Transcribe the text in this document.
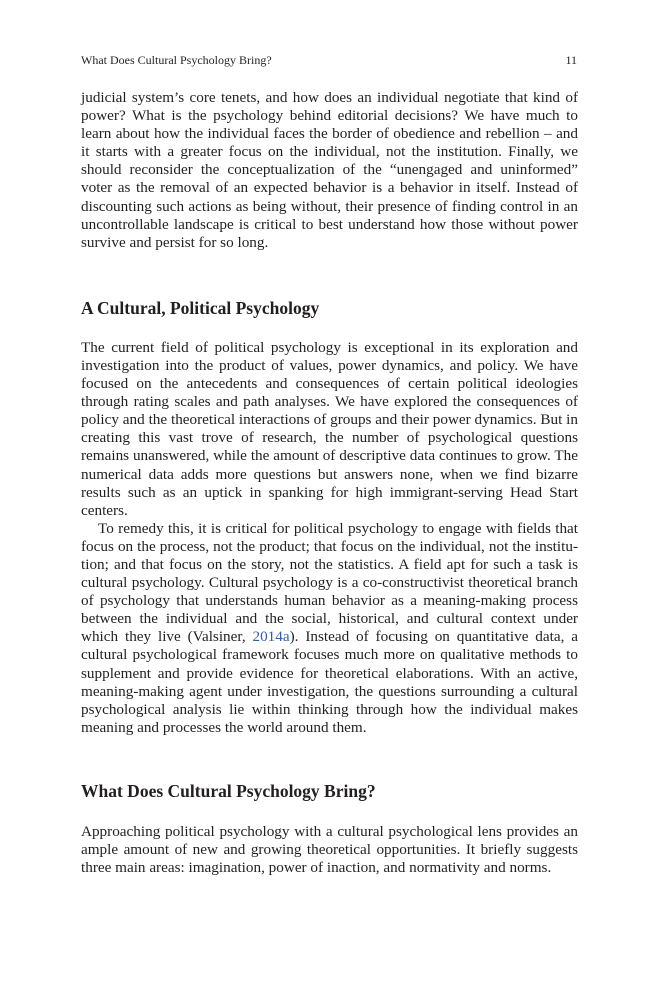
What Does Cultural Psychology Bring?	11

judicial system’s core tenets, and how does an individual negotiate that kind of power? What is the psychology behind editorial decisions? We have much to learn about how the individual faces the border of obedience and rebellion – and it starts with a greater focus on the individual, not the institution. Finally, we should reconsider the conceptualization of the “unengaged and uninformed” voter as the removal of an expected behavior is a behavior in itself. Instead of discounting such actions as being without, their presence of finding control in an uncontrollable landscape is critical to best understand how those without power survive and persist for so long.

A Cultural, Political Psychology

The current field of political psychology is exceptional in its exploration and investigation into the product of values, power dynamics, and policy. We have focused on the antecedents and consequences of certain political ideologies through rating scales and path analyses. We have explored the consequences of policy and the theoretical interactions of groups and their power dynamics. But in creating this vast trove of research, the number of psychological questions remains unanswered, while the amount of descriptive data continues to grow. The numerical data adds more questions but answers none, when we find bizarre results such as an uptick in spanking for high immigrant-serving Head Start centers.

To remedy this, it is critical for political psychology to engage with fields that focus on the process, not the product; that focus on the individual, not the institution; and that focus on the story, not the statistics. A field apt for such a task is cultural psychology. Cultural psychology is a co-constructivist theoretical branch of psychology that understands human behavior as a meaning-making process between the individual and the social, historical, and cultural context under which they live (Valsiner, 2014a). Instead of focusing on quantitative data, a cultural psychological framework focuses much more on qualitative methods to supplement and provide evidence for theoretical elaborations. With an active, meaning-making agent under investigation, the questions surrounding a cultural psychological analysis lie within thinking through how the individual makes meaning and processes the world around them.

What Does Cultural Psychology Bring?

Approaching political psychology with a cultural psychological lens provides an ample amount of new and growing theoretical opportunities. It briefly suggests three main areas: imagination, power of inaction, and normativity and norms.
